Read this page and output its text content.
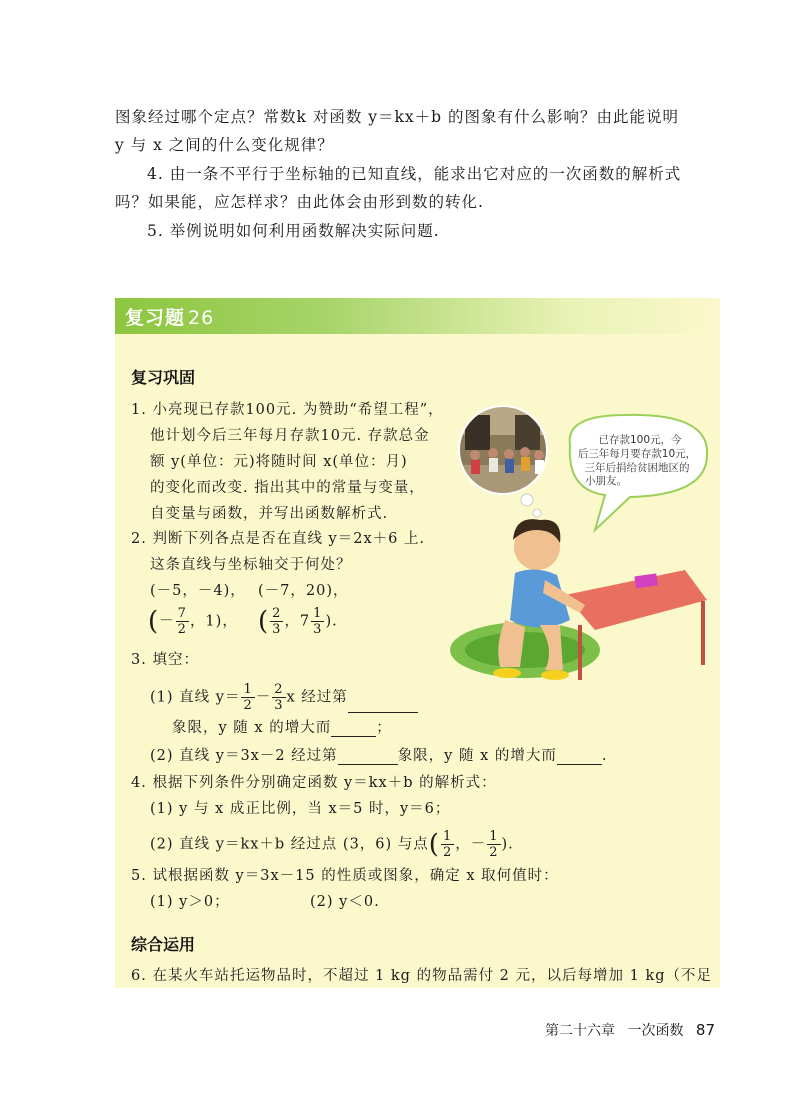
图象经过哪个定点？常数k 对函数 y＝kx＋b 的图象有什么影响？由此能说明
y 与 x 之间的什么变化规律？
4. 由一条不平行于坐标轴的已知直线，能求出它对应的一次函数的解析式
吗？如果能，应怎样求？由此体会由形到数的转化.
5. 举例说明如何利用函数解决实际问题.
复习题 26
复习巩固
1. 小亮现已存款100元. 为赞助“希望工程”，
他计划今后三年每月存款10元. 存款总金
额 y(单位：元)将随时间 x(单位：月)
的变化而改变. 指出其中的常量与变量，
自变量与函数，并写出函数解析式.
2. 判断下列各点是否在直线 y＝2x＋6 上.
这条直线与坐标轴交于何处？
(－5，－4)， (－7，20)，
(－ $\frac{7}{2}$ ，1)， ( $\frac{2}{3}$ ，$7 \frac{1}{3}$ ).
3. 填空：
(1) 直线 $y= \frac{1}{2} - \frac{2}{3}$ x 经过第
象限，y 随 x 的增大而	；
(2) 直线 y＝3x－2 经过第	象限，y 随 x 的增大而	.
4. 根据下列条件分别确定函数 y＝kx＋b 的解析式：
(1) y 与 x 成正比例，当 x＝5 时，y＝6；
(2) 直线 y＝kx＋b 经过点 (3，6) 与点( $\frac{1}{2}$ ，－ $\frac{1}{2}$ ).
5. 试根据函数 y＝3x－15 的性质或图象，确定 x 取何值时：
(1) y＞0；	(2) y＜0.
综合运用
6. 在某火车站托运物品时，不超过 1 kg 的物品需付 2 元，以后每增加 1 kg（不足
已存款100元，今
后三年每月要存款10元，
三年后捐给贫困地区的
小朋友。
第二十六章 一次函数 87
